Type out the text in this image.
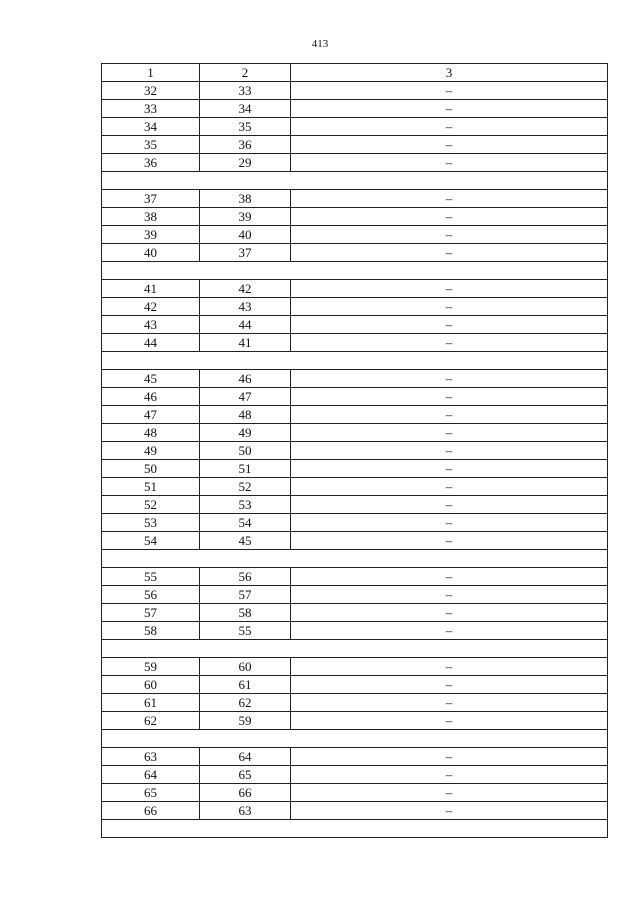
413
1	2	3
32	33	–
33	34	–
34	35	–
35	36	–
36	29	–

37	38	–
38	39	–
39	40	–
40	37	–

41	42	–
42	43	–
43	44	–
44	41	–

45	46	–
46	47	–
47	48	–
48	49	–
49	50	–
50	51	–
51	52	–
52	53	–
53	54	–
54	45	–

55	56	–
56	57	–
57	58	–
58	55	–

59	60	–
60	61	–
61	62	–
62	59	–

63	64	–
64	65	–
65	66	–
66	63	–
